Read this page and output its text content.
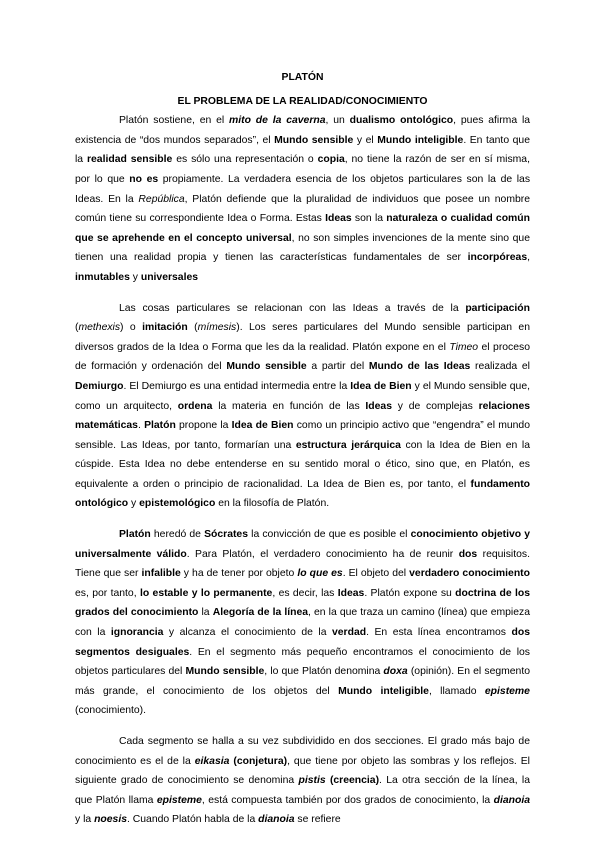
PLATÓN

EL PROBLEMA DE LA REALIDAD/CONOCIMIENTO

Platón sostiene, en el mito de la caverna, un dualismo ontológico, pues afirma la existencia de “dos mundos separados”, el Mundo sensible y el Mundo inteligible. En tanto que la realidad sensible es sólo una representación o copia, no tiene la razón de ser en sí misma, por lo que no es propiamente. La verdadera esencia de los objetos particulares son la de las Ideas. En la República, Platón defiende que la pluralidad de individuos que posee un nombre común tiene su correspondiente Idea o Forma. Estas Ideas son la naturaleza o cualidad común que se aprehende en el concepto universal, no son simples invenciones de la mente sino que tienen una realidad propia y tienen las características fundamentales de ser incorpóreas, inmutables y universales

Las cosas particulares se relacionan con las Ideas a través de la participación (methexis) o imitación (mímesis). Los seres particulares del Mundo sensible participan en diversos grados de la Idea o Forma que les da la realidad. Platón expone en el Timeo el proceso de formación y ordenación del Mundo sensible a partir del Mundo de las Ideas realizada el Demiurgo. El Demiurgo es una entidad intermedia entre la Idea de Bien y el Mundo sensible que, como un arquitecto, ordena la materia en función de las Ideas y de complejas relaciones matemáticas. Platón propone la Idea de Bien como un principio activo que “engendra” el mundo sensible. Las Ideas, por tanto, formarían una estructura jerárquica con la Idea de Bien en la cúspide. Esta Idea no debe entenderse en su sentido moral o ético, sino que, en Platón, es equivalente a orden o principio de racionalidad. La Idea de Bien es, por tanto, el fundamento ontológico y epistemológico en la filosofía de Platón.

Platón heredó de Sócrates la convicción de que es posible el conocimiento objetivo y universalmente válido. Para Platón, el verdadero conocimiento ha de reunir dos requisitos. Tiene que ser infalible y ha de tener por objeto lo que es. El objeto del verdadero conocimiento es, por tanto, lo estable y lo permanente, es decir, las Ideas. Platón expone su doctrina de los grados del conocimiento la Alegoría de la línea, en la que traza un camino (línea) que empieza con la ignorancia y alcanza el conocimiento de la verdad. En esta línea encontramos dos segmentos desiguales. En el segmento más pequeño encontramos el conocimiento de los objetos particulares del Mundo sensible, lo que Platón denomina doxa (opinión). En el segmento más grande, el conocimiento de los objetos del Mundo inteligible, llamado episteme (conocimiento).

Cada segmento se halla a su vez subdividido en dos secciones. El grado más bajo de conocimiento es el de la eikasia (conjetura), que tiene por objeto las sombras y los reflejos. El siguiente grado de conocimiento se denomina pistis (creencia). La otra sección de la línea, la que Platón llama episteme, está compuesta también por dos grados de conocimiento, la dianoia y la noesis. Cuando Platón habla de la dianoia se refiere
